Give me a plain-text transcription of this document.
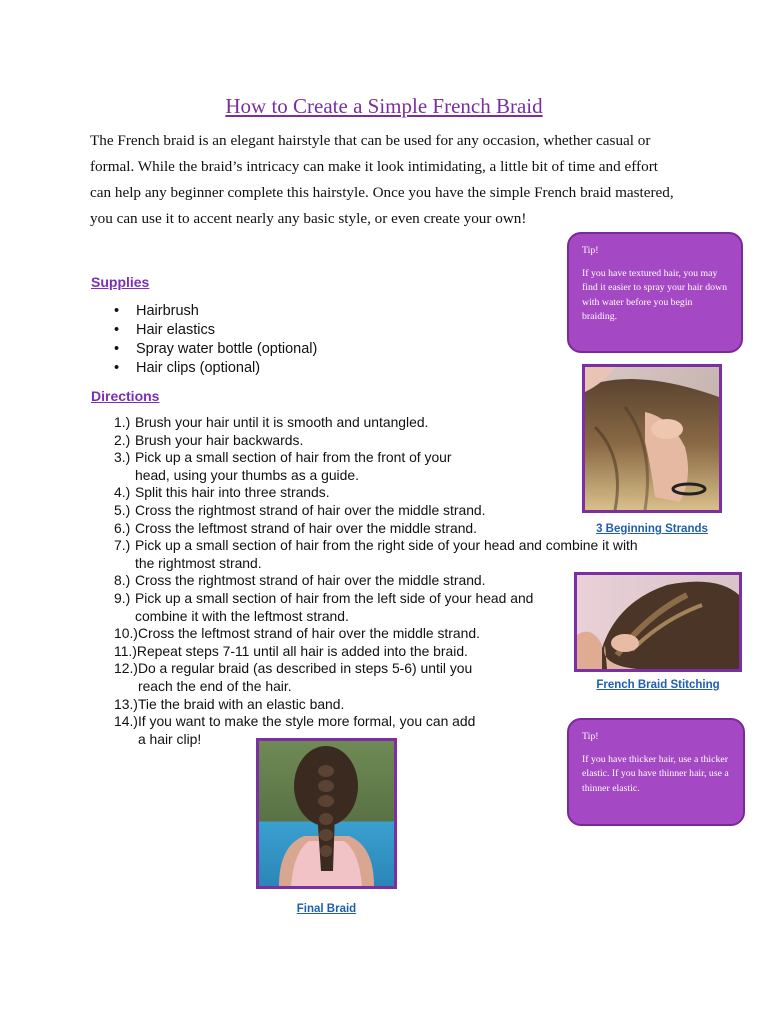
How to Create a Simple French Braid

The French braid is an elegant hairstyle that can be used for any occasion, whether casual or formal. While the braid’s intricacy can make it look intimidating, a little bit of time and effort can help any beginner complete this hairstyle. Once you have the simple French braid mastered, you can use it to accent nearly any basic style, or even create your own!

Supplies
• Hairbrush
• Hair elastics
• Spray water bottle (optional)
• Hair clips (optional)
Directions
1.) Brush your hair until it is smooth and untangled.
2.) Brush your hair backwards.
3.) Pick up a small section of hair from the front of your head, using your thumbs as a guide.
4.) Split this hair into three strands.
5.) Cross the rightmost strand of hair over the middle strand.
6.) Cross the leftmost strand of hair over the middle strand.
7.) Pick up a small section of hair from the right side of your head and combine it with the rightmost strand.
8.) Cross the rightmost strand of hair over the middle strand.
9.) Pick up a small section of hair from the left side of your head and combine it with the leftmost strand.
10.) Cross the leftmost strand of hair over the middle strand.
11.) Repeat steps 7-11 until all hair is added into the braid.
12.) Do a regular braid (as described in steps 5-6) until you reach the end of the hair.
13.) Tie the braid with an elastic band.
14.) If you want to make the style more formal, you can add a hair clip!
Tip!
If you have textured hair, you may find it easier to spray your hair down with water before you begin braiding.
Tip!
If you have thicker hair, use a thicker elastic. If you have thinner hair, use a thinner elastic.
3 Beginning Strands
French Braid Stitching
Final Braid
